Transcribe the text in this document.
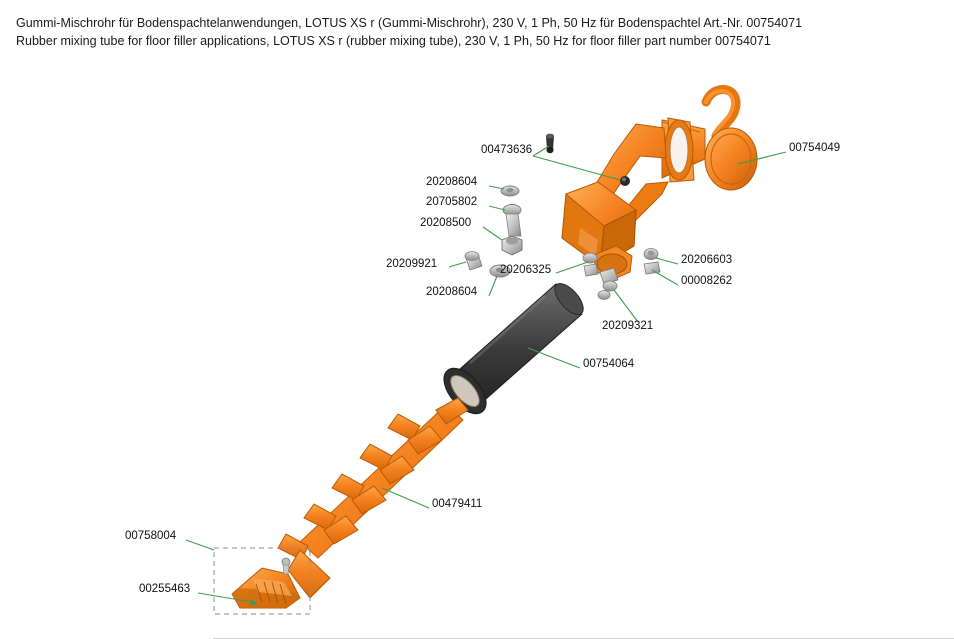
Gummi-Mischrohr für Bodenspachtelanwendungen, LOTUS XS r (Gummi-Mischrohr), 230 V, 1 Ph, 50 Hz für Bodenspachtel Art.-Nr. 00754071
Rubber mixing tube for floor filler applications, LOTUS XS r (rubber mixing tube), 230 V, 1 Ph, 50 Hz for floor filler part number 00754071
00473636	00754049
20208604
20705802
20208500
20209921	20206325
20208604
20206603
00008262
20209321
00754064
00479411
00758004
00255463
